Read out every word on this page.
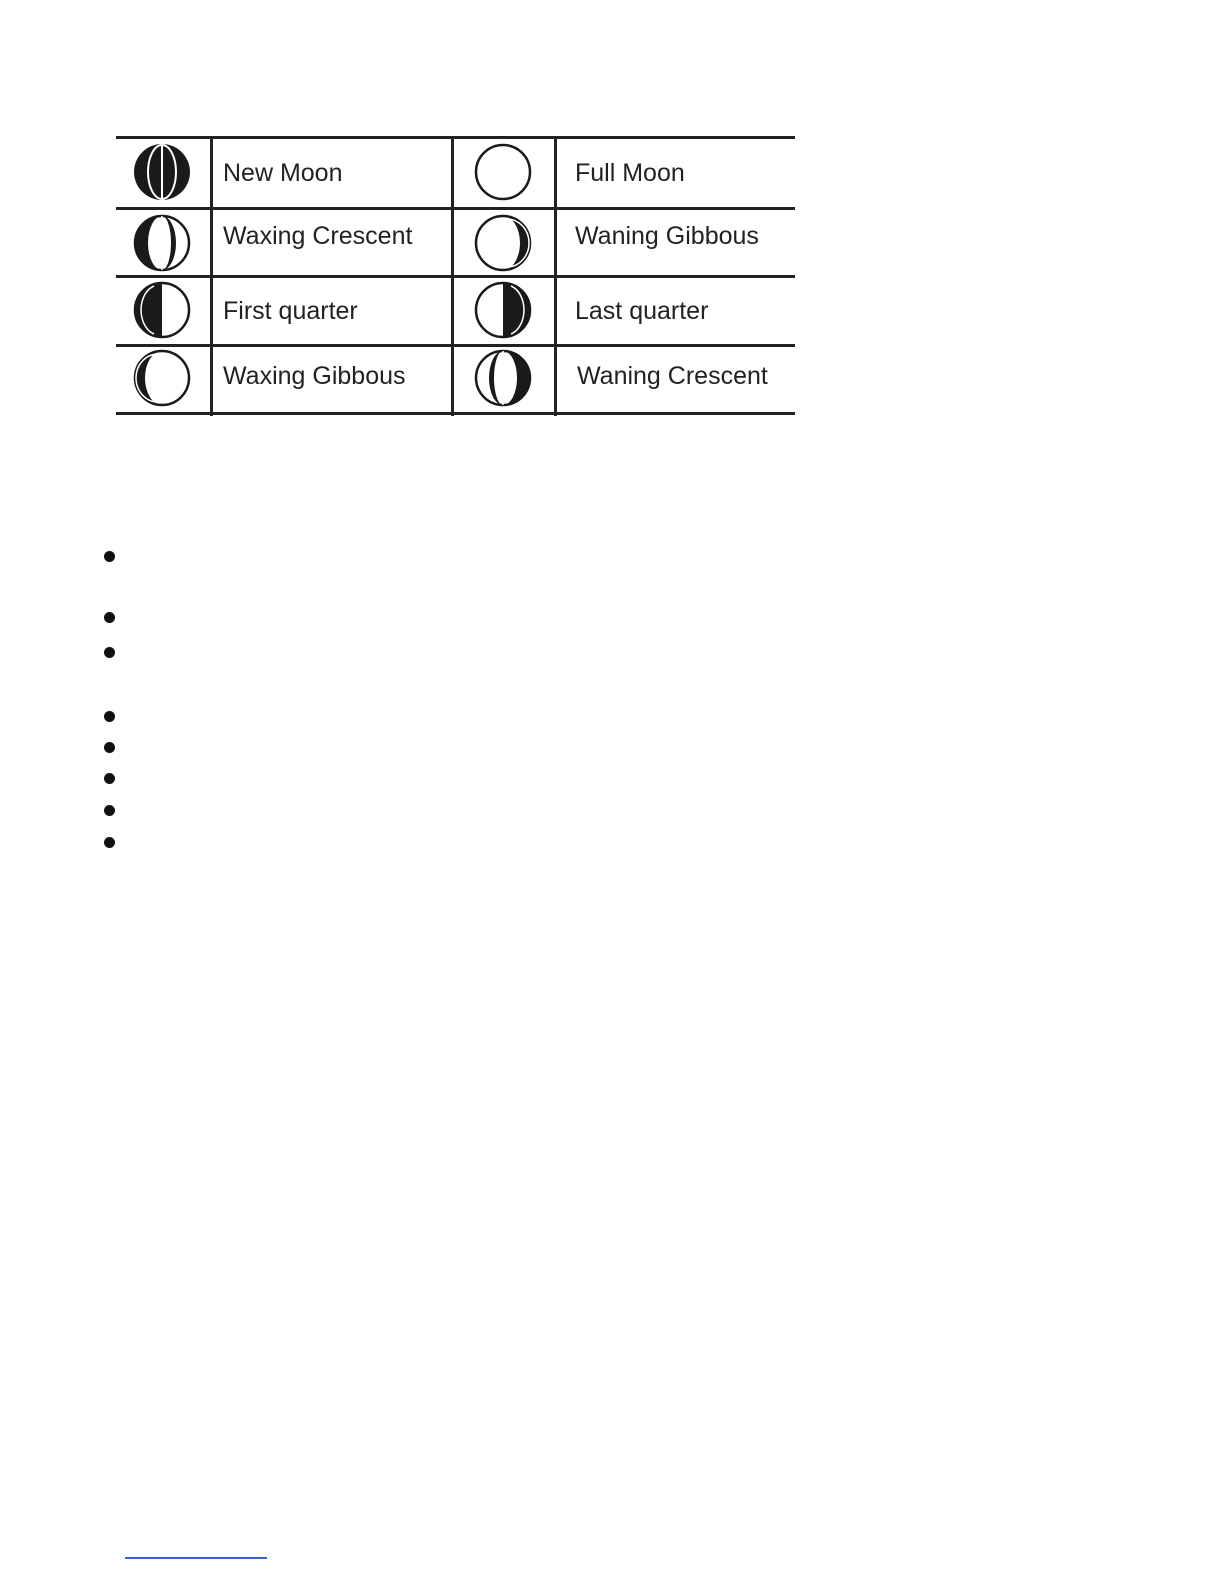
New Moon	Full Moon
Waxing Crescent	Waning Gibbous
First quarter	Last quarter
Waxing Gibbous	Waning Crescent
